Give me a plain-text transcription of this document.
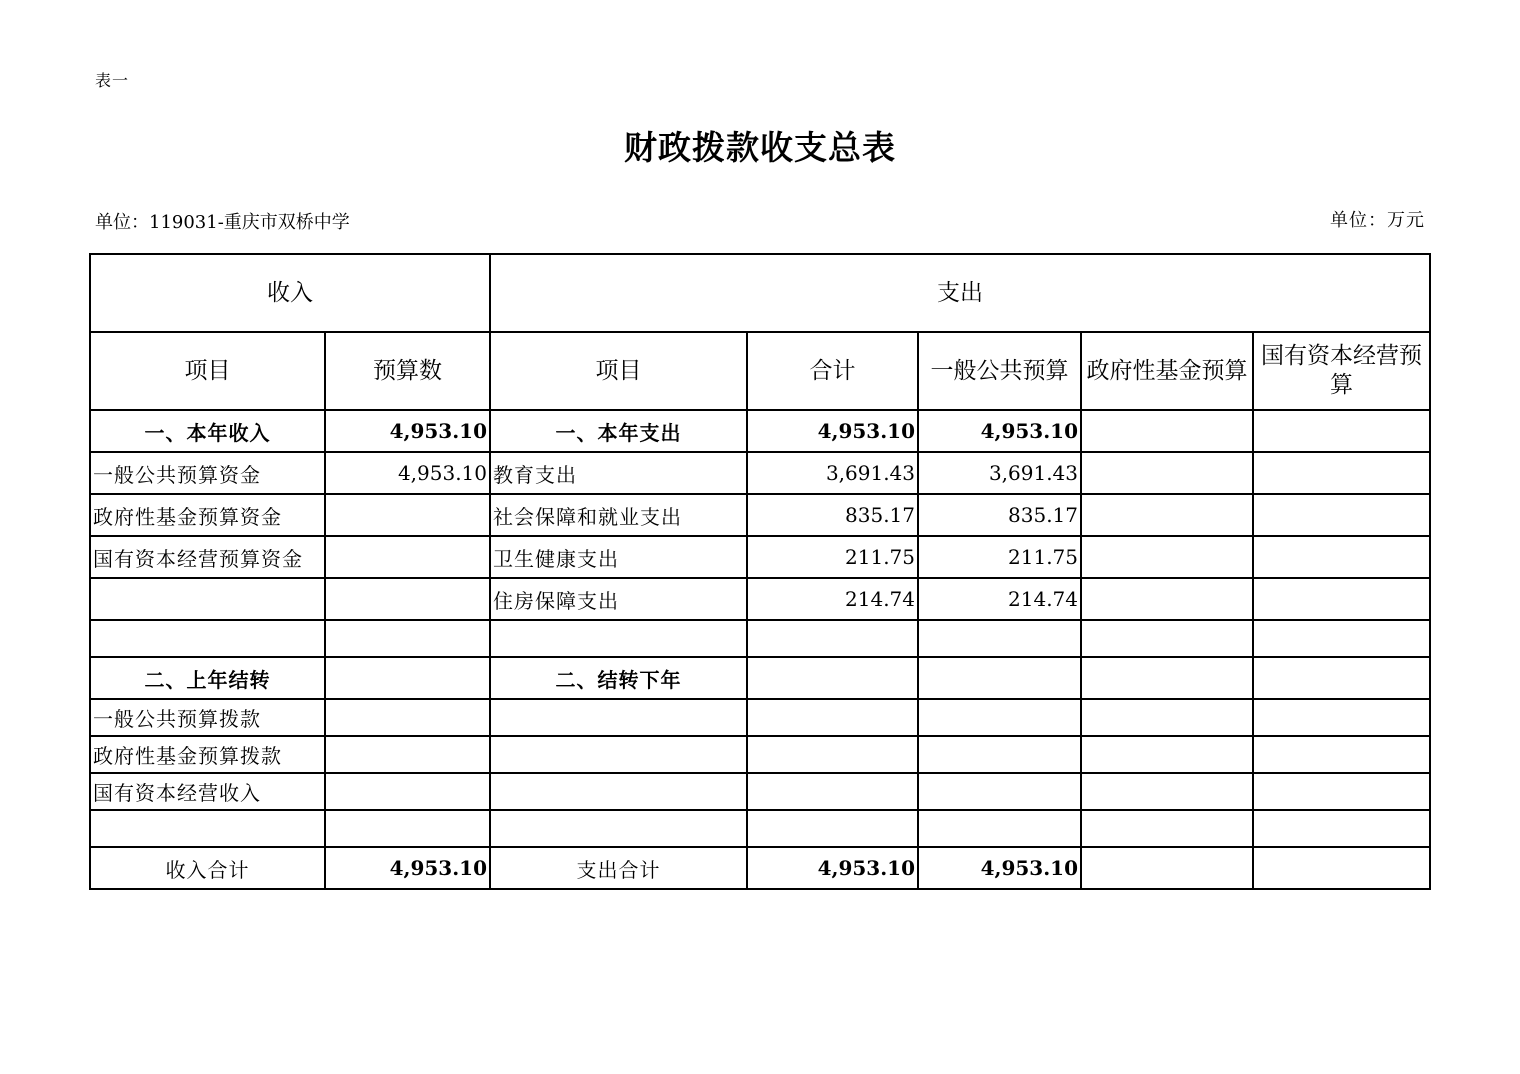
表一
财政拨款收支总表
单位：119031-重庆市双桥中学	单位：万元
收入		支出				
项目	预算数	项目	合计	一般公共预算	政府性基金预算	国有资本经营预算
一、本年收入	4,953.10	一、本年支出	4,953.10	4,953.10		
一般公共预算资金	4,953.10	教育支出	3,691.43	3,691.43		
政府性基金预算资金		社会保障和就业支出	835.17	835.17		
国有资本经营预算资金		卫生健康支出	211.75	211.75		
		住房保障支出	214.74	214.74		

二、上年结转		二、结转下年				
一般公共预算拨款						
政府性基金预算拨款						
国有资本经营收入						

收入合计	4,953.10	支出合计	4,953.10	4,953.10		
